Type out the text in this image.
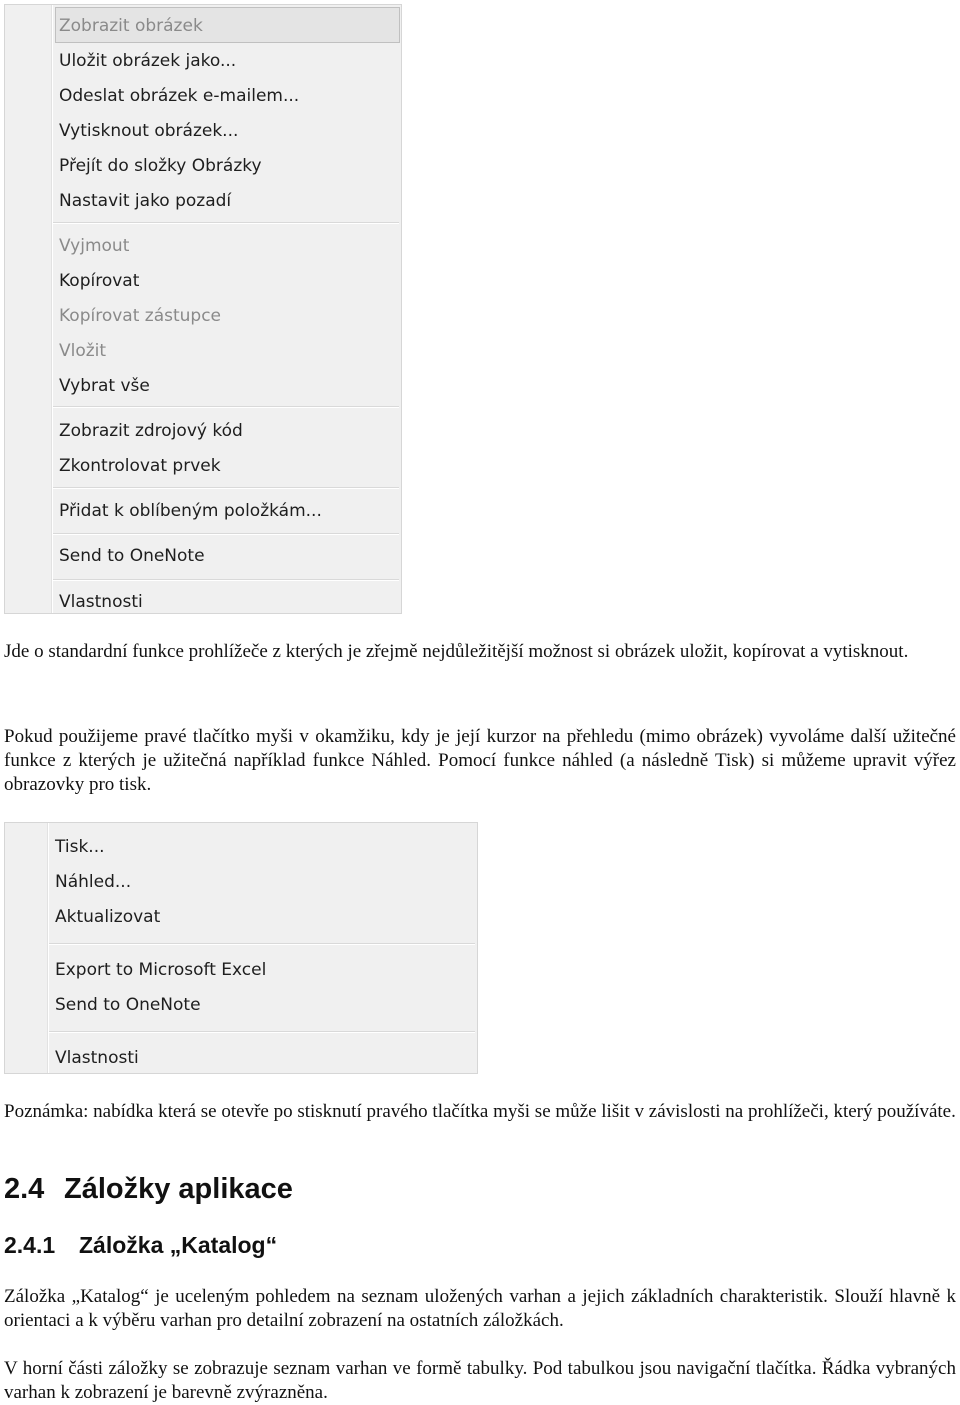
Zobrazit obrázek
Uložit obrázek jako...
Odeslat obrázek e-mailem...
Vytisknout obrázek...
Přejít do složky Obrázky
Nastavit jako pozadí
Vyjmout
Kopírovat
Kopírovat zástupce
Vložit
Vybrat vše
Zobrazit zdrojový kód
Zkontrolovat prvek
Přidat k oblíbeným položkám...
Send to OneNote
Vlastnosti

Jde o standardní funkce prohlížeče z kterých je zřejmě nejdůležitější možnost si obrázek uložit, kopírovat a vytisknout.

Pokud použijeme pravé tlačítko myši v okamžiku, kdy je její kurzor na přehledu (mimo obrázek) vyvoláme další užitečné funkce z kterých je užitečná například funkce Náhled. Pomocí funkce náhled (a následně Tisk) si můžeme upravit výřez obrazovky pro tisk.

Tisk...
Náhled...
Aktualizovat
Export to Microsoft Excel
Send to OneNote
Vlastnosti

Poznámka: nabídka která se otevře po stisknutí pravého tlačítka myši se může lišit v závislosti na prohlížeči, který používáte.

2.4 Záložky aplikace
2.4.1 Záložka „Katalog“

Záložka „Katalog“ je uceleným pohledem na seznam uložených varhan a jejich základních charakteristik. Slouží hlavně k orientaci a k výběru varhan pro detailní zobrazení na ostatních záložkách.

V horní části záložky se zobrazuje seznam varhan ve formě tabulky. Pod tabulkou jsou navigační tlačítka. Řádka vybraných varhan k zobrazení je barevně zvýrazněna.
